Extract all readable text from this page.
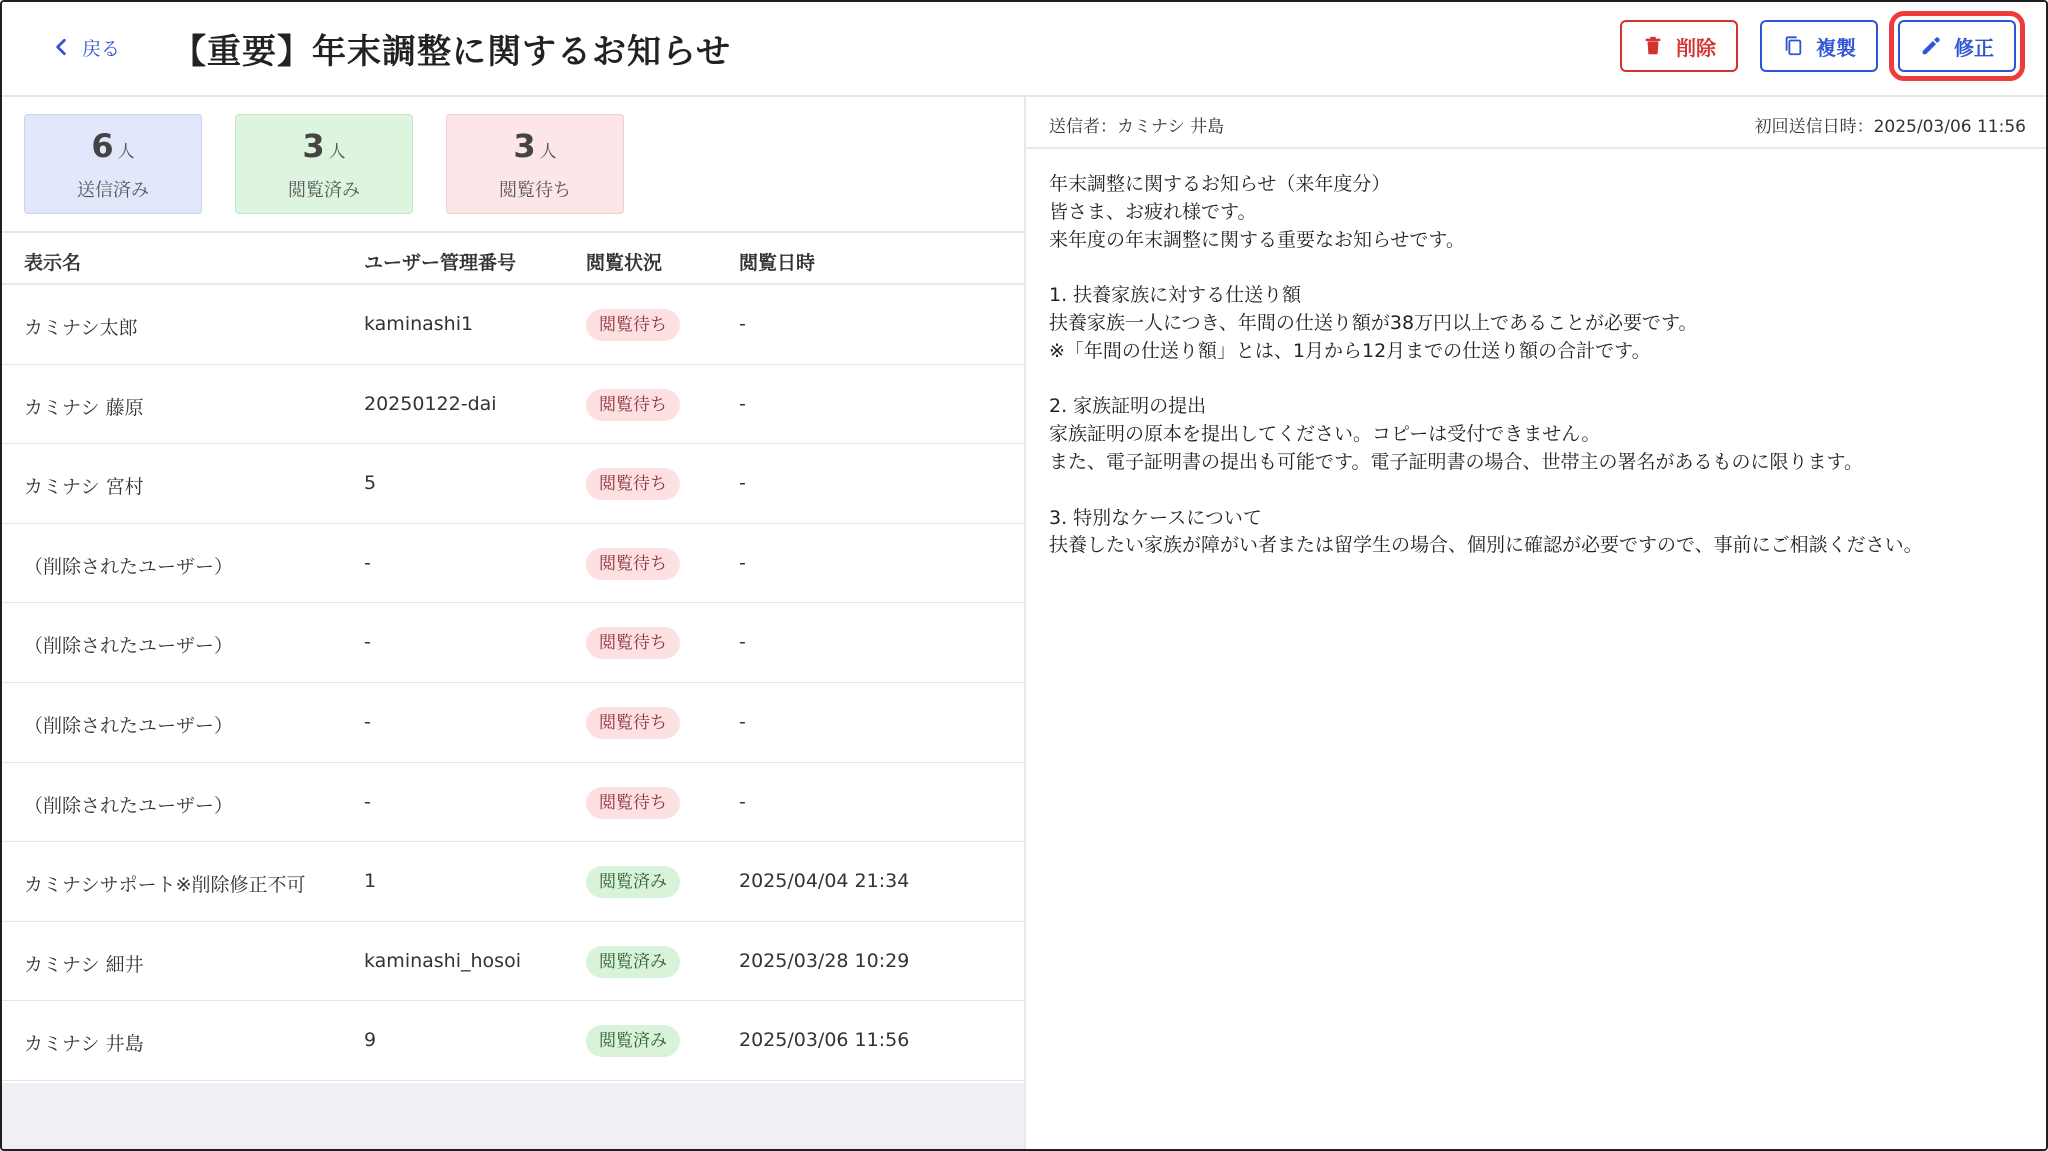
戻る 【重要】年末調整に関するお知らせ	削除	複製	修正
6 人
送信済み
3 人
閲覧済み
3 人
閲覧待ち
表示名	ユーザー管理番号	閲覧状況	閲覧日時
カミナシ太郎	kaminashi1	閲覧待ち	-
カミナシ 藤原	20250122-dai	閲覧待ち	-
カミナシ 宮村	5	閲覧待ち	-
（削除されたユーザー）	-	閲覧待ち	-
（削除されたユーザー）	-	閲覧待ち	-
（削除されたユーザー）	-	閲覧待ち	-
（削除されたユーザー）	-	閲覧待ち	-
カミナシサポート※削除修正不可	1	閲覧済み	2025/04/04 21:34
カミナシ 細井	kaminashi_hosoi	閲覧済み	2025/03/28 10:29
カミナシ 井島	9	閲覧済み	2025/03/06 11:56
送信者：カミナシ 井島	初回送信日時：2025/03/06 11:56
年末調整に関するお知らせ（来年度分）
皆さま、お疲れ様です。
来年度の年末調整に関する重要なお知らせです。
1. 扶養家族に対する仕送り額
扶養家族一人につき、年間の仕送り額が38万円以上であることが必要です。
※「年間の仕送り額」とは、1月から12月までの仕送り額の合計です。
2. 家族証明の提出
家族証明の原本を提出してください。コピーは受付できません。
また、電子証明書の提出も可能です。電子証明書の場合、世帯主の署名があるものに限ります。
3. 特別なケースについて
扶養したい家族が障がい者または留学生の場合、個別に確認が必要ですので、事前にご相談ください。
